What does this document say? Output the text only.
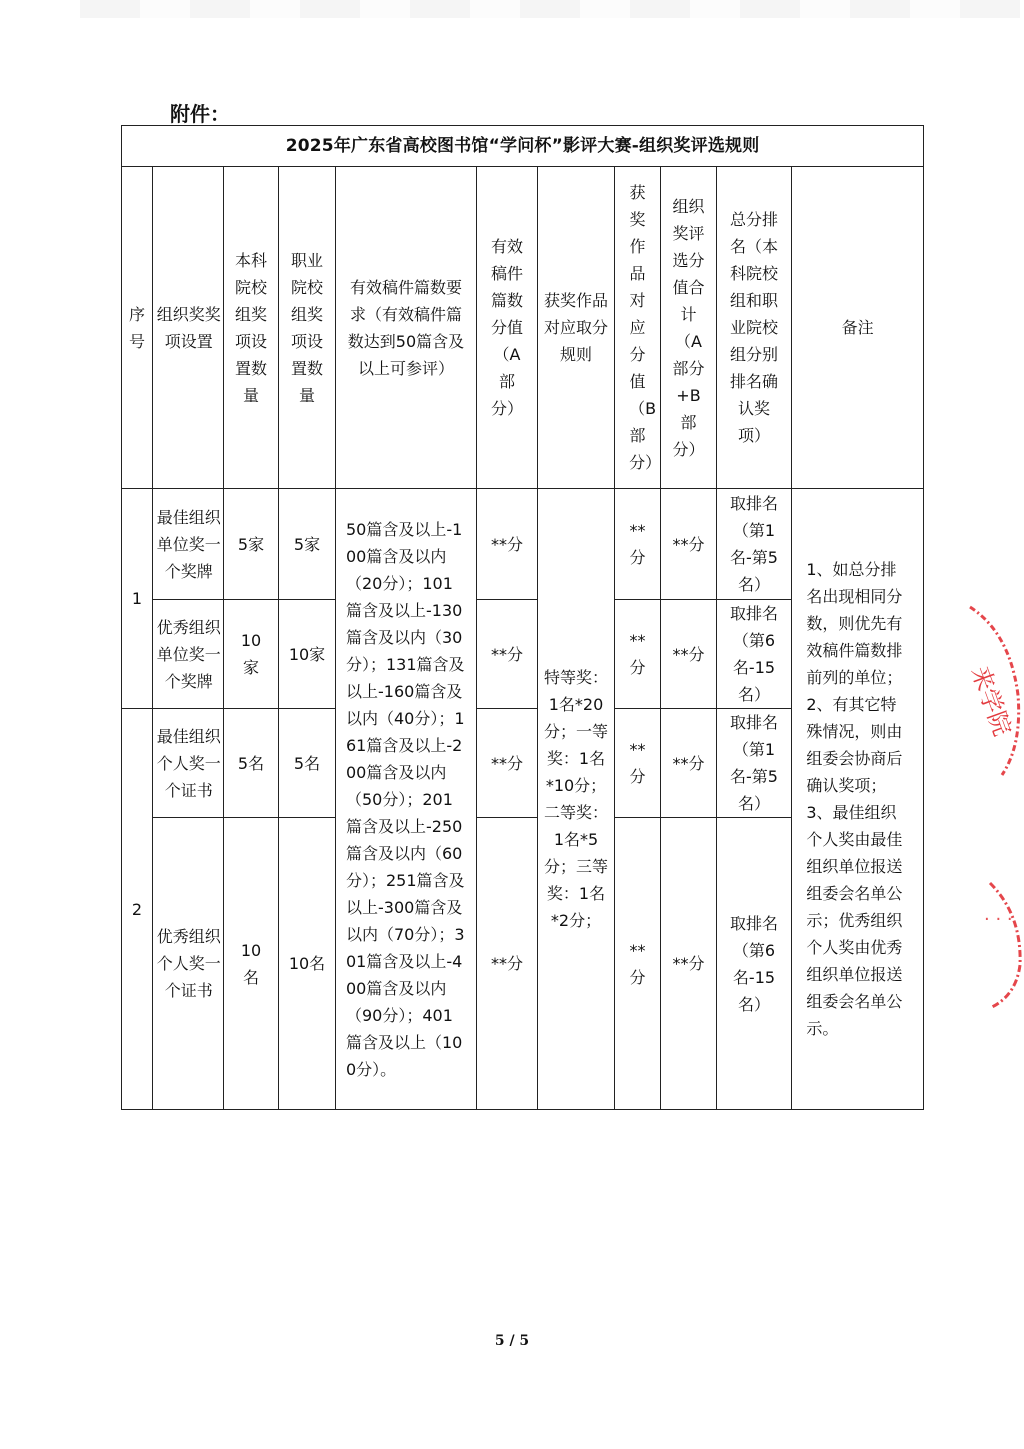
附件：
2025年广东省高校图书馆“学问杯”影评大赛-组织奖评选规则										

序号	组织奖奖项设置	本科院校组奖项设置数量	职业院校组奖项设置数量	有效稿件篇数要求（有效稿件篇数达到50篇含及以上可参评）	有效稿件篇数分值（A部分）	获奖作品对应取分规则	获奖作品对应分值（B部分）	组织奖评选分值合计（A部分+B部分）	总分排名（本科院校组和职业院校组分别排名确认奖项）	备注
1	最佳组织单位奖一个奖牌	5家	5家	50篇含及以上-100篇含及以内（20分）；101篇含及以上-130篇含及以内（30分）；131篇含及以上-160篇含及以内（40分）；161篇含及以上-200篇含及以内（50分）；201篇含及以上-250篇含及以内（60分）；251篇含及以上-300篇含及以内（70分）；301篇含及以上-400篇含及以内（90分）；401篇含及以上（100分）。	**分	特等奖：1名*20分；一等奖：1名*10分；二等奖：1名*5分；三等奖：1名*2分；	**分	**分	取排名（第1名-第5名）	1、如总分排名出现相同分数，则优先有效稿件篇数排前列的单位；2、有其它特殊情况，则由组委会协商后确认奖项；3、最佳组织个人奖由最佳组织单位报送组委会名单公示；优秀组织个人奖由优秀组织单位报送组委会名单公示。

	优秀组织单位奖一个奖牌	10家	10家		**分		**分	**分	取排名（第6名-15名）	

2	最佳组织个人奖一个证书	5名	5名		**分		**分	**分	取排名（第1名-第5名）	

	优秀组织个人奖一个证书	10名	10名		**分		**分	**分	取排名（第6名-15名）	
来学院
· · ·
5 / 5
